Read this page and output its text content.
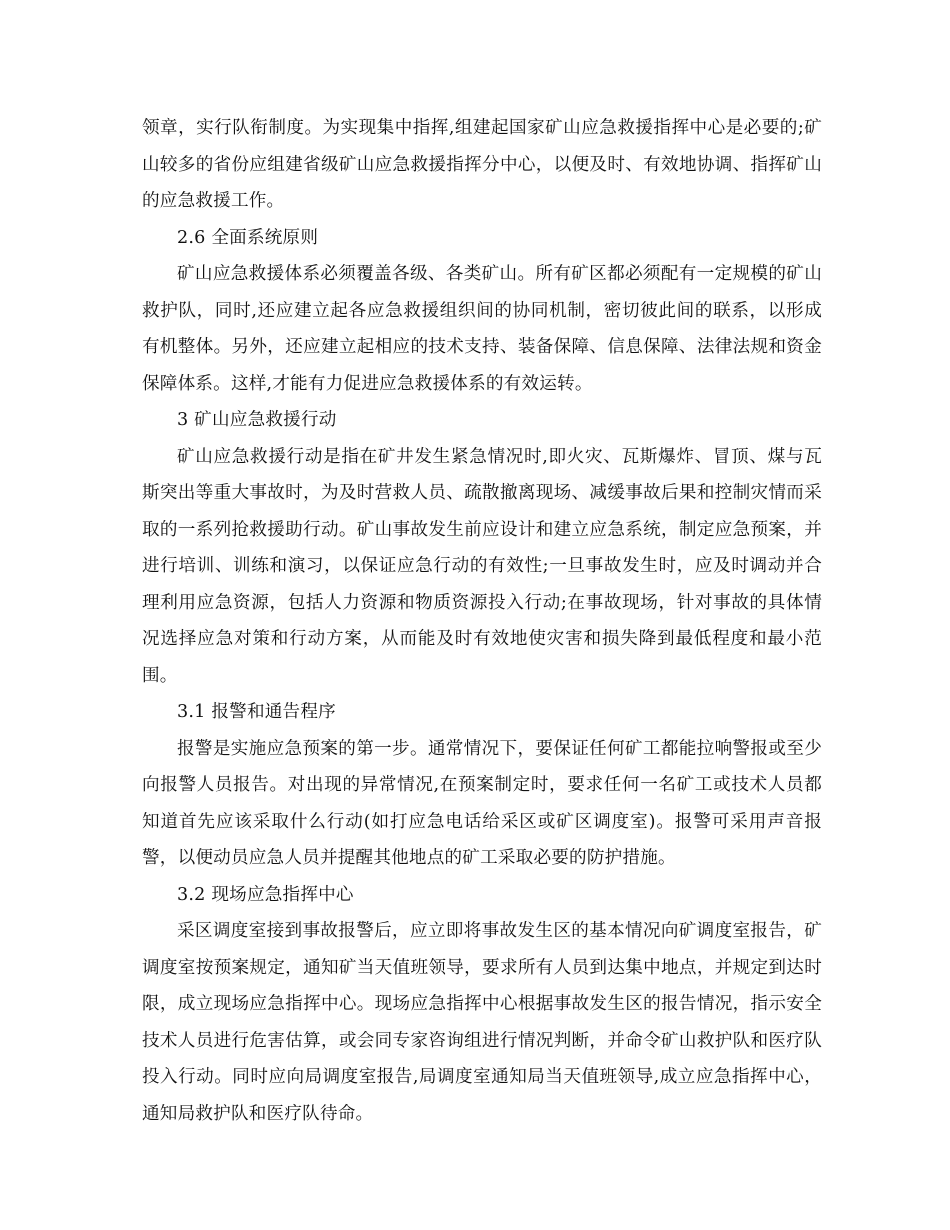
领章，实行队衔制度。为实现集中指挥,组建起国家矿山应急救援指挥中心是必要的;矿山较多的省份应组建省级矿山应急救援指挥分中心，以便及时、有效地协调、指挥矿山的应急救援工作。

2.6 全面系统原则

矿山应急救援体系必须覆盖各级、各类矿山。所有矿区都必须配有一定规模的矿山救护队，同时,还应建立起各应急救援组织间的协同机制，密切彼此间的联系，以形成有机整体。另外，还应建立起相应的技术支持、装备保障、信息保障、法律法规和资金保障体系。这样,才能有力促进应急救援体系的有效运转。

3 矿山应急救援行动

矿山应急救援行动是指在矿井发生紧急情况时,即火灾、瓦斯爆炸、冒顶、煤与瓦斯突出等重大事故时，为及时营救人员、疏散撤离现场、减缓事故后果和控制灾情而采取的一系列抢救援助行动。矿山事故发生前应设计和建立应急系统，制定应急预案，并进行培训、训练和演习，以保证应急行动的有效性;一旦事故发生时，应及时调动并合理利用应急资源，包括人力资源和物质资源投入行动;在事故现场，针对事故的具体情况选择应急对策和行动方案，从而能及时有效地使灾害和损失降到最低程度和最小范围。

3.1 报警和通告程序

报警是实施应急预案的第一步。通常情况下，要保证任何矿工都能拉响警报或至少向报警人员报告。对出现的异常情况,在预案制定时，要求任何一名矿工或技术人员都知道首先应该采取什么行动(如打应急电话给采区或矿区调度室)。报警可采用声音报警，以便动员应急人员并提醒其他地点的矿工采取必要的防护措施。

3.2 现场应急指挥中心

采区调度室接到事故报警后，应立即将事故发生区的基本情况向矿调度室报告，矿调度室按预案规定，通知矿当天值班领导，要求所有人员到达集中地点，并规定到达时限，成立现场应急指挥中心。现场应急指挥中心根据事故发生区的报告情况，指示安全技术人员进行危害估算，或会同专家咨询组进行情况判断，并命令矿山救护队和医疗队投入行动。同时应向局调度室报告,局调度室通知局当天值班领导,成立应急指挥中心，通知局救护队和医疗队待命。
